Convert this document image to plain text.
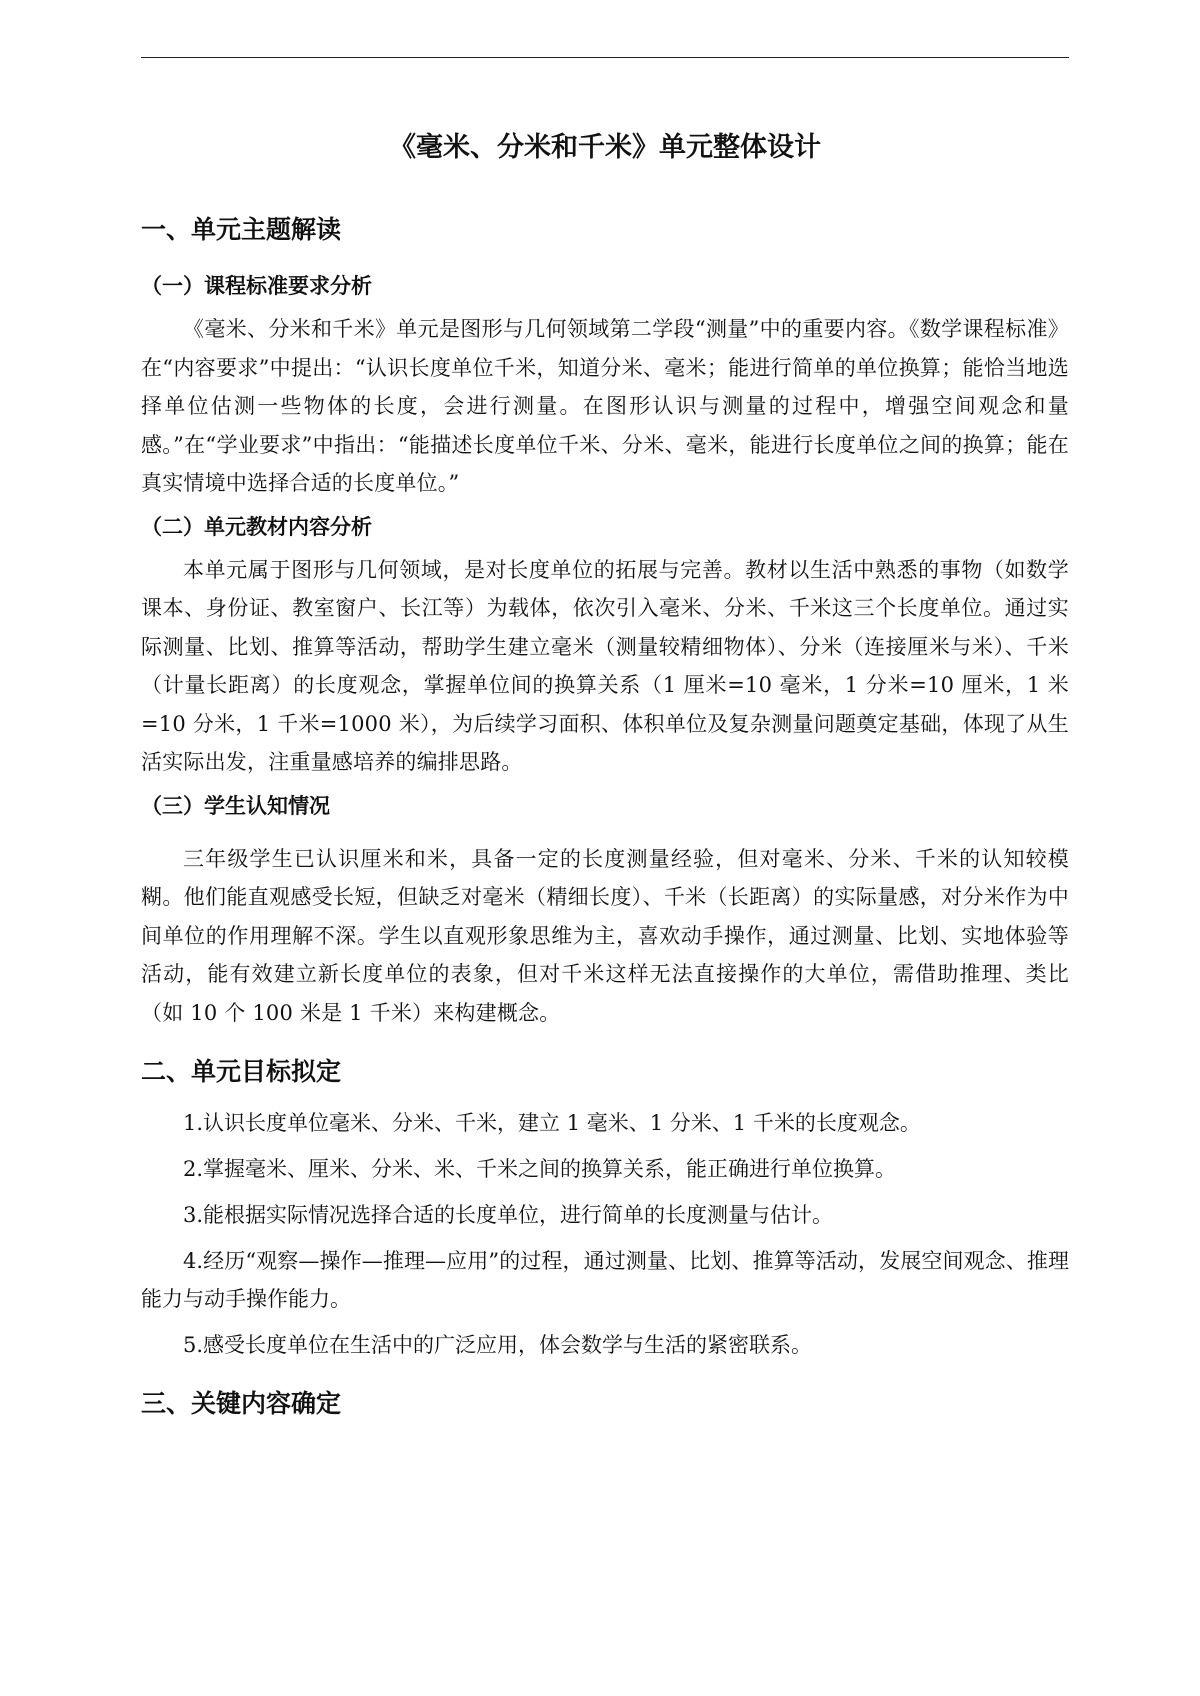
《毫米、分米和千米》单元整体设计
一、单元主题解读
（一）课程标准要求分析

《毫米、分米和千米》单元是图形与几何领域第二学段“测量”中的重要内容。《数学课程标准》在“内容要求”中提出：“认识长度单位千米，知道分米、毫米；能进行简单的单位换算；能恰当地选择单位估测一些物体的长度，会进行测量。在图形认识与测量的过程中，增强空间观念和量感。”在“学业要求”中指出：“能描述长度单位千米、分米、毫米，能进行长度单位之间的换算；能在真实情境中选择合适的长度单位。”

（二）单元教材内容分析

本单元属于图形与几何领域，是对长度单位的拓展与完善。教材以生活中熟悉的事物（如数学课本、身份证、教室窗户、长江等）为载体，依次引入毫米、分米、千米这三个长度单位。通过实际测量、比划、推算等活动，帮助学生建立毫米（测量较精细物体）、分米（连接厘米与米）、千米（计量长距离）的长度观念，掌握单位间的换算关系（1 厘米=10 毫米，1 分米=10 厘米，1 米=10 分米，1 千米=1000 米），为后续学习面积、体积单位及复杂测量问题奠定基础，体现了从生活实际出发，注重量感培养的编排思路。

（三）学生认知情况

三年级学生已认识厘米和米，具备一定的长度测量经验，但对毫米、分米、千米的认知较模糊。他们能直观感受长短，但缺乏对毫米（精细长度）、千米（长距离）的实际量感，对分米作为中间单位的作用理解不深。学生以直观形象思维为主，喜欢动手操作，通过测量、比划、实地体验等活动，能有效建立新长度单位的表象，但对千米这样无法直接操作的大单位，需借助推理、类比（如 10 个 100 米是 1 千米）来构建概念。

二、单元目标拟定

1.认识长度单位毫米、分米、千米，建立 1 毫米、1 分米、1 千米的长度观念。

2.掌握毫米、厘米、分米、米、千米之间的换算关系，能正确进行单位换算。

3.能根据实际情况选择合适的长度单位，进行简单的长度测量与估计。

4.经历“观察—操作—推理—应用”的过程，通过测量、比划、推算等活动，发展空间观念、推理能力与动手操作能力。

5.感受长度单位在生活中的广泛应用，体会数学与生活的紧密联系。

三、关键内容确定
